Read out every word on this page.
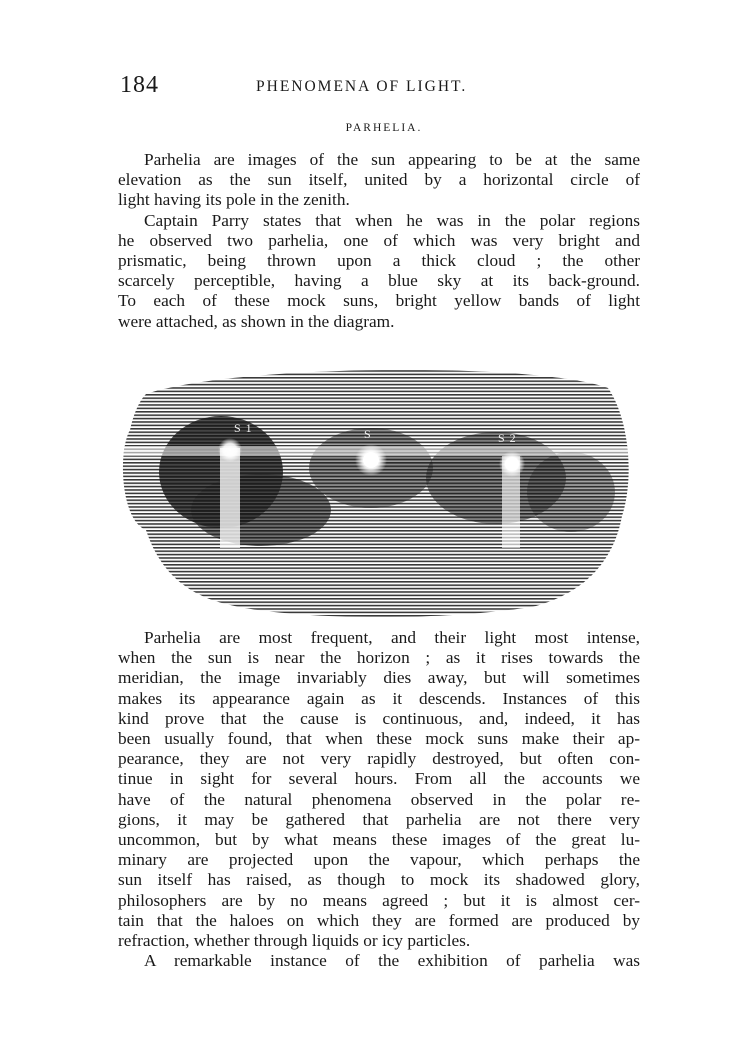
184	PHENOMENA OF LIGHT.
PARHELIA.
Parhelia are images of the sun appearing to be at the same
elevation as the sun itself, united by a horizontal circle of
light having its pole in the zenith.
Captain Parry states that when he was in the polar regions
he observed two parhelia, one of which was very bright and
prismatic, being thrown upon a thick cloud ; the other
scarcely perceptible, having a blue sky at its back-ground.
To each of these mock suns, bright yellow bands of light
were attached, as shown in the diagram.
S 1	S	S 2
Parhelia are most frequent, and their light most intense,
when the sun is near the horizon ; as it rises towards the
meridian, the image invariably dies away, but will sometimes
makes its appearance again as it descends. Instances of this
kind prove that the cause is continuous, and, indeed, it has
been usually found, that when these mock suns make their ap-
pearance, they are not very rapidly destroyed, but often con-
tinue in sight for several hours. From all the accounts we
have of the natural phenomena observed in the polar re-
gions, it may be gathered that parhelia are not there very
uncommon, but by what means these images of the great lu-
minary are projected upon the vapour, which perhaps the
sun itself has raised, as though to mock its shadowed glory,
philosophers are by no means agreed ; but it is almost cer-
tain that the haloes on which they are formed are produced by
refraction, whether through liquids or icy particles.
A remarkable instance of the exhibition of parhelia was
